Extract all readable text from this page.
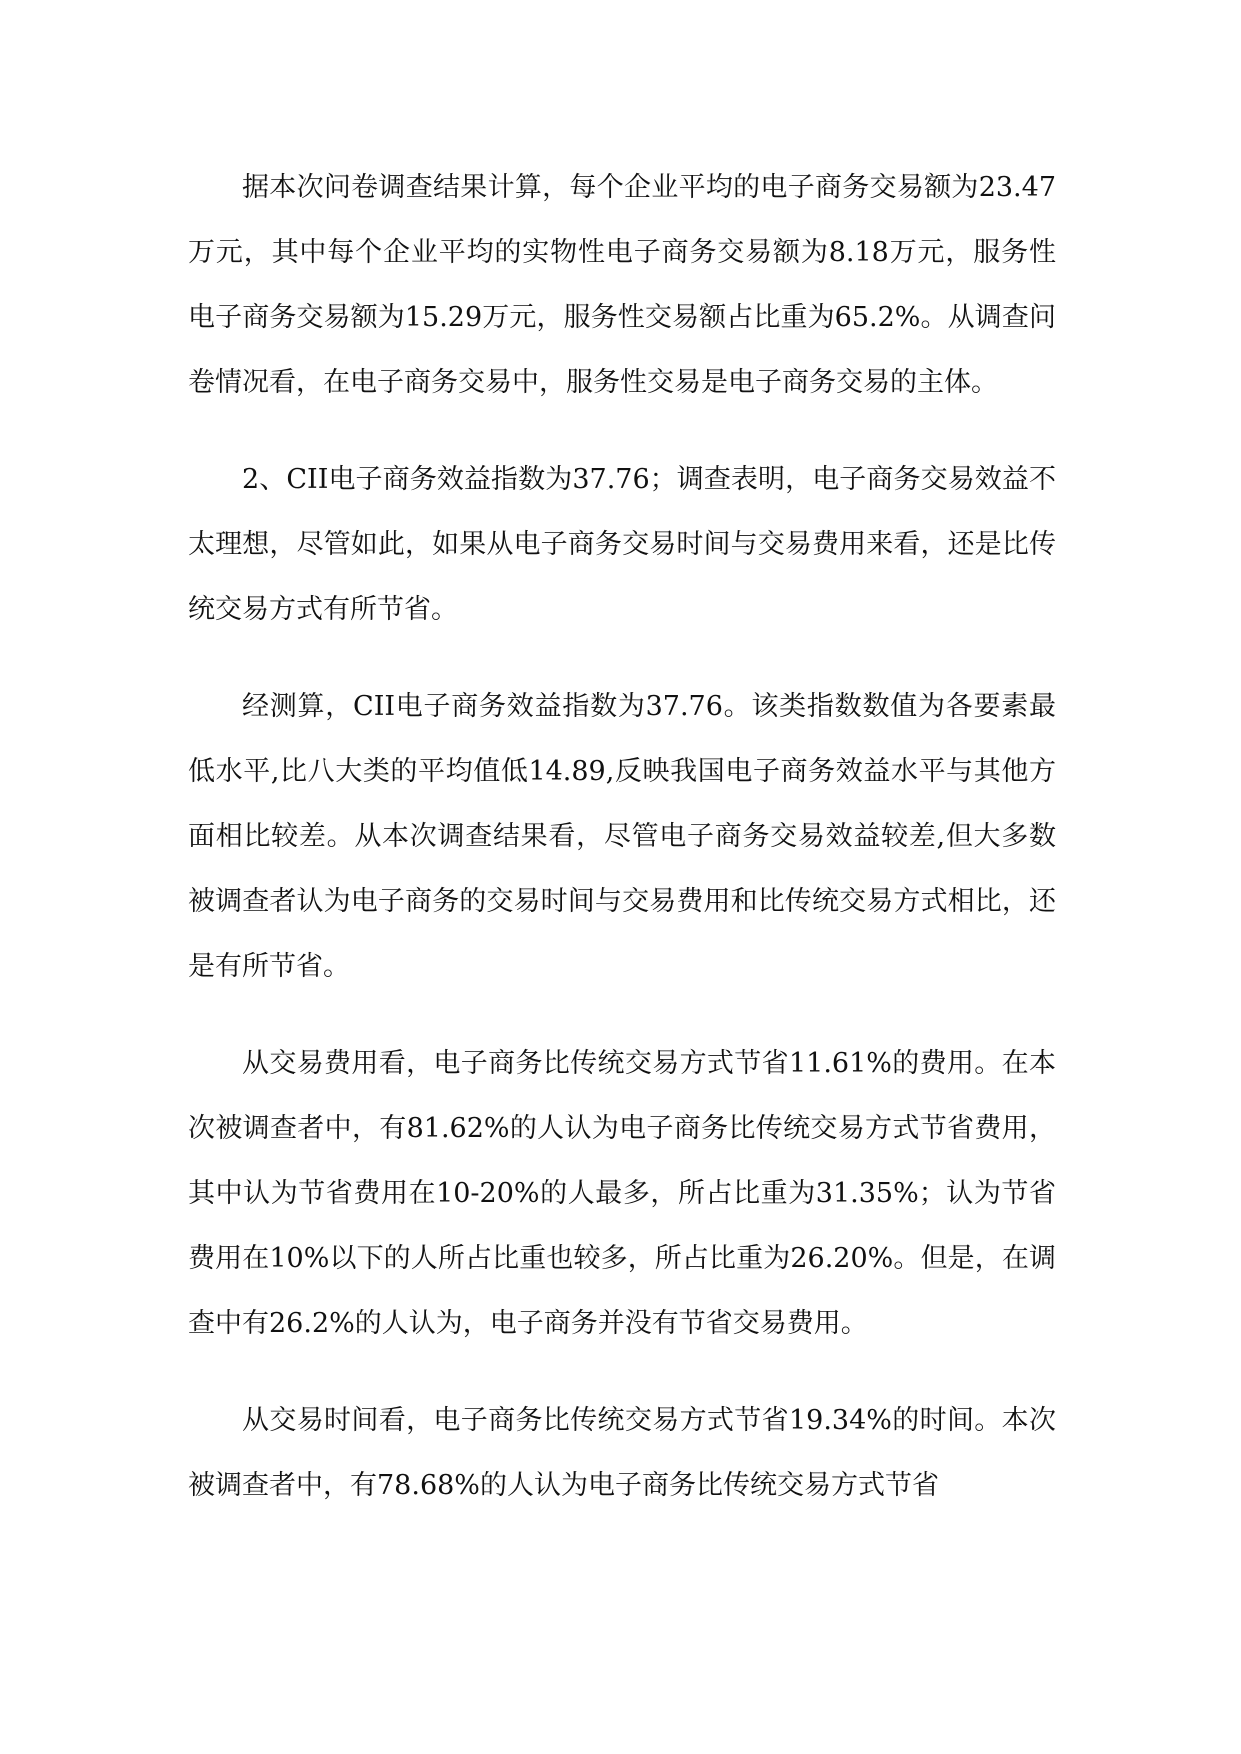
据本次问卷调查结果计算，每个企业平均的电子商务交易额为23.47万元，其中每个企业平均的实物性电子商务交易额为8.18万元，服务性电子商务交易额为15.29万元，服务性交易额占比重为65.2%。从调查问卷情况看，在电子商务交易中，服务性交易是电子商务交易的主体。

2、CII电子商务效益指数为37.76；调查表明，电子商务交易效益不太理想，尽管如此，如果从电子商务交易时间与交易费用来看，还是比传统交易方式有所节省。

经测算，CII电子商务效益指数为37.76。该类指数数值为各要素最低水平,比八大类的平均值低14.89,反映我国电子商务效益水平与其他方面相比较差。从本次调查结果看，尽管电子商务交易效益较差,但大多数被调查者认为电子商务的交易时间与交易费用和比传统交易方式相比，还是有所节省。

从交易费用看，电子商务比传统交易方式节省11.61%的费用。在本次被调查者中，有81.62%的人认为电子商务比传统交易方式节省费用，其中认为节省费用在10-20%的人最多，所占比重为31.35%；认为节省费用在10%以下的人所占比重也较多，所占比重为26.20%。但是，在调查中有26.2%的人认为，电子商务并没有节省交易费用。

从交易时间看，电子商务比传统交易方式节省19.34%的时间。本次被调查者中，有78.68%的人认为电子商务比传统交易方式节省
